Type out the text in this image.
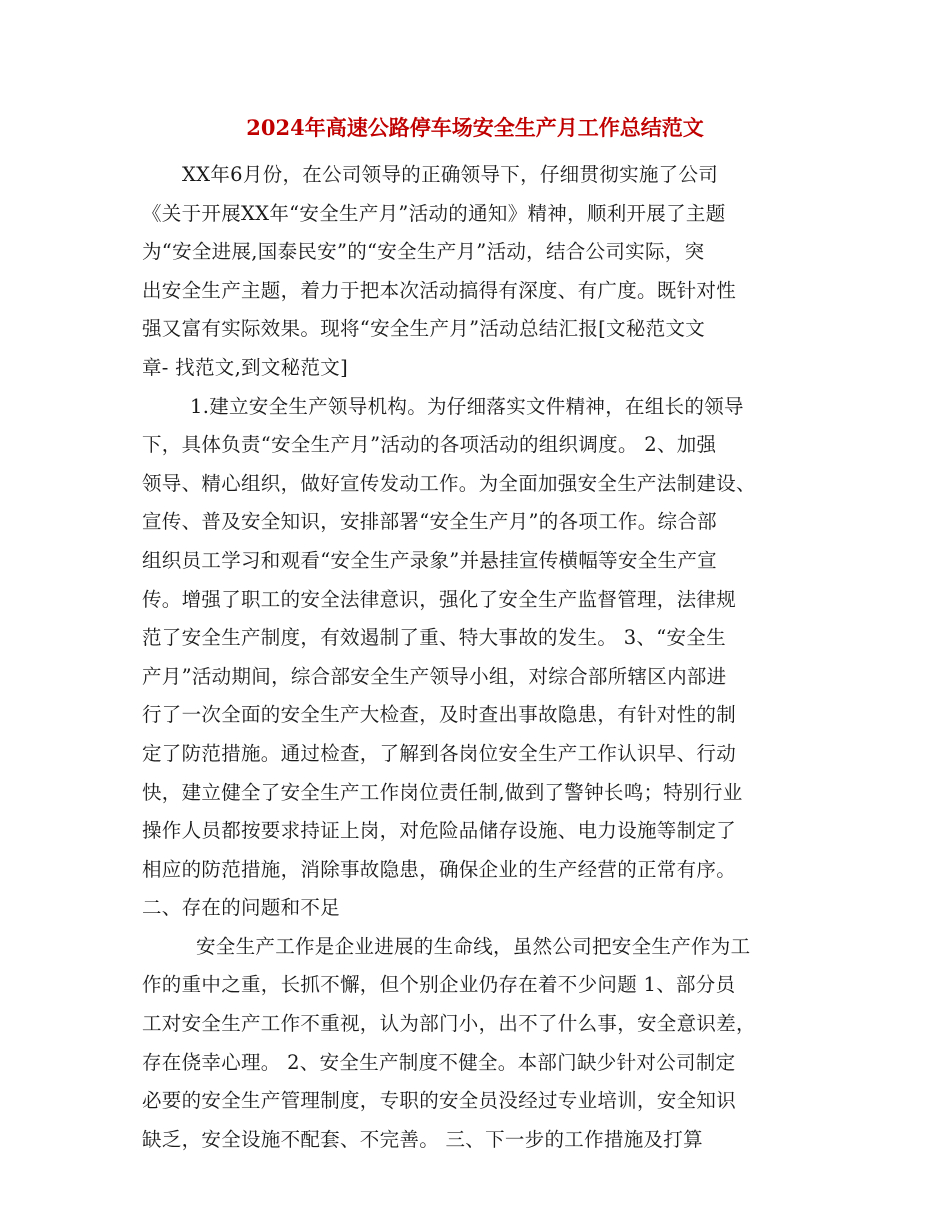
2024年高速公路停车场安全生产月工作总结范文
XX年6月份，在公司领导的正确领导下，仔细贯彻实施了公司
《关于开展XX年“安全生产月”活动的通知》精神，顺利开展了主题
为“安全进展,国泰民安”的“安全生产月”活动，结合公司实际，突
出安全生产主题，着力于把本次活动搞得有深度、有广度。既针对性
强又富有实际效果。现将“安全生产月”活动总结汇报[文秘范文文
章- 找范文,到文秘范文]
1.建立安全生产领导机构。为仔细落实文件精神，在组长的领导
下，具体负责“安全生产月”活动的各项活动的组织调度。 2、加强
领导、精心组织，做好宣传发动工作。为全面加强安全生产法制建设、
宣传、普及安全知识，安排部署“安全生产月”的各项工作。综合部
组织员工学习和观看“安全生产录象”并悬挂宣传横幅等安全生产宣
传。增强了职工的安全法律意识，强化了安全生产监督管理，法律规
范了安全生产制度，有效遏制了重、特大事故的发生。 3、“安全生
产月”活动期间，综合部安全生产领导小组，对综合部所辖区内部进
行了一次全面的安全生产大检查，及时查出事故隐患，有针对性的制
定了防范措施。通过检查，了解到各岗位安全生产工作认识早、行动
快，建立健全了安全生产工作岗位责任制,做到了警钟长鸣；特别行业
操作人员都按要求持证上岗，对危险品储存设施、电力设施等制定了
相应的防范措施，消除事故隐患，确保企业的生产经营的正常有序。
二、存在的问题和不足
安全生产工作是企业进展的生命线，虽然公司把安全生产作为工
作的重中之重，长抓不懈，但个别企业仍存在着不少问题 1、部分员
工对安全生产工作不重视，认为部门小，出不了什么事，安全意识差，
存在侥幸心理。 2、安全生产制度不健全。本部门缺少针对公司制定
必要的安全生产管理制度，专职的安全员没经过专业培训，安全知识
缺乏，安全设施不配套、不完善。 三、下一步的工作措施及打算
